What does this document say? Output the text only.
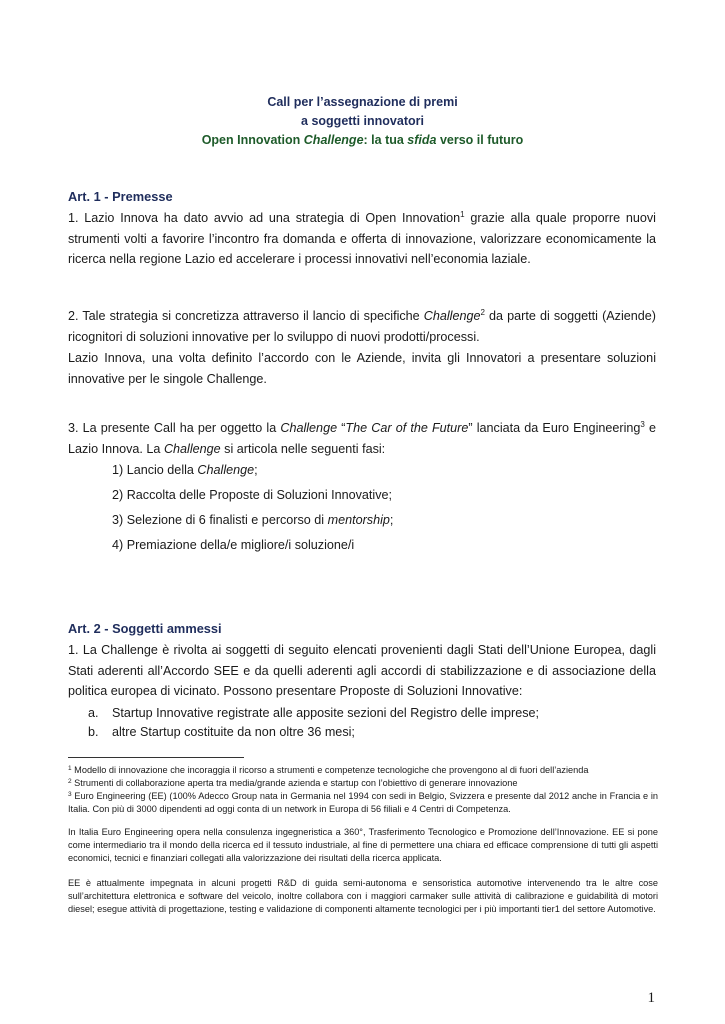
Call per l’assegnazione di premi
a soggetti innovatori
Open Innovation Challenge: la tua sfida verso il futuro
Art. 1 - Premesse
1. Lazio Innova ha dato avvio ad una strategia di Open Innovation$^1$ grazie alla quale proporre nuovi strumenti volti a favorire l’incontro fra domanda e offerta di innovazione, valorizzare economicamente la ricerca nella regione Lazio ed accelerare i processi innovativi nell’economia laziale.
2. Tale strategia si concretizza attraverso il lancio di specifiche Challenge$^2$ da parte di soggetti (Aziende) ricognitori di soluzioni innovative per lo sviluppo di nuovi prodotti/processi.
Lazio Innova, una volta definito l’accordo con le Aziende, invita gli Innovatori a presentare soluzioni innovative per le singole Challenge.
3. La presente Call ha per oggetto la Challenge “The Car of the Future” lanciata da Euro Engineering$^3$ e Lazio Innova. La Challenge si articola nelle seguenti fasi:
1) Lancio della Challenge;
2) Raccolta delle Proposte di Soluzioni Innovative;
3) Selezione di 6 finalisti e percorso di mentorship;
4) Premiazione della/e migliore/i soluzione/i
Art. 2 - Soggetti ammessi
1. La Challenge è rivolta ai soggetti di seguito elencati provenienti dagli Stati dell’Unione Europea, dagli Stati aderenti all’Accordo SEE e da quelli aderenti agli accordi di stabilizzazione e di associazione della politica europea di vicinato. Possono presentare Proposte di Soluzioni Innovative:
a. Startup Innovative registrate alle apposite sezioni del Registro delle imprese;
b. altre Startup costituite da non oltre 36 mesi;
$^1$ Modello di innovazione che incoraggia il ricorso a strumenti e competenze tecnologiche che provengono al di fuori dell’azienda
$^2$ Strumenti di collaborazione aperta tra media/grande azienda e startup con l’obiettivo di generare innovazione
$^3$ Euro Engineering (EE) (100% Adecco Group nata in Germania nel 1994 con sedi in Belgio, Svizzera e presente dal 2012 anche in Francia e in Italia. Con più di 3000 dipendenti ad oggi conta di un network in Europa di 56 filiali e 4 Centri di Competenza.
In Italia Euro Engineering opera nella consulenza ingegneristica a 360°, Trasferimento Tecnologico e Promozione dell’Innovazione. EE si pone come intermediario tra il mondo della ricerca ed il tessuto industriale, al fine di permettere una chiara ed efficace comprensione di tutti gli aspetti economici, tecnici e finanziari collegati alla valorizzazione dei risultati della ricerca applicata.
EE è attualmente impegnata in alcuni progetti R&D di guida semi-autonoma e sensoristica automotive intervenendo tra le altre cose sull’architettura elettronica e software del veicolo, inoltre collabora con i maggiori carmaker sulle attività di calibrazione e guidabilità di motori diesel; esegue attività di progettazione, testing e validazione di componenti altamente tecnologici per i più importanti tier1 del settore Automotive.
1
